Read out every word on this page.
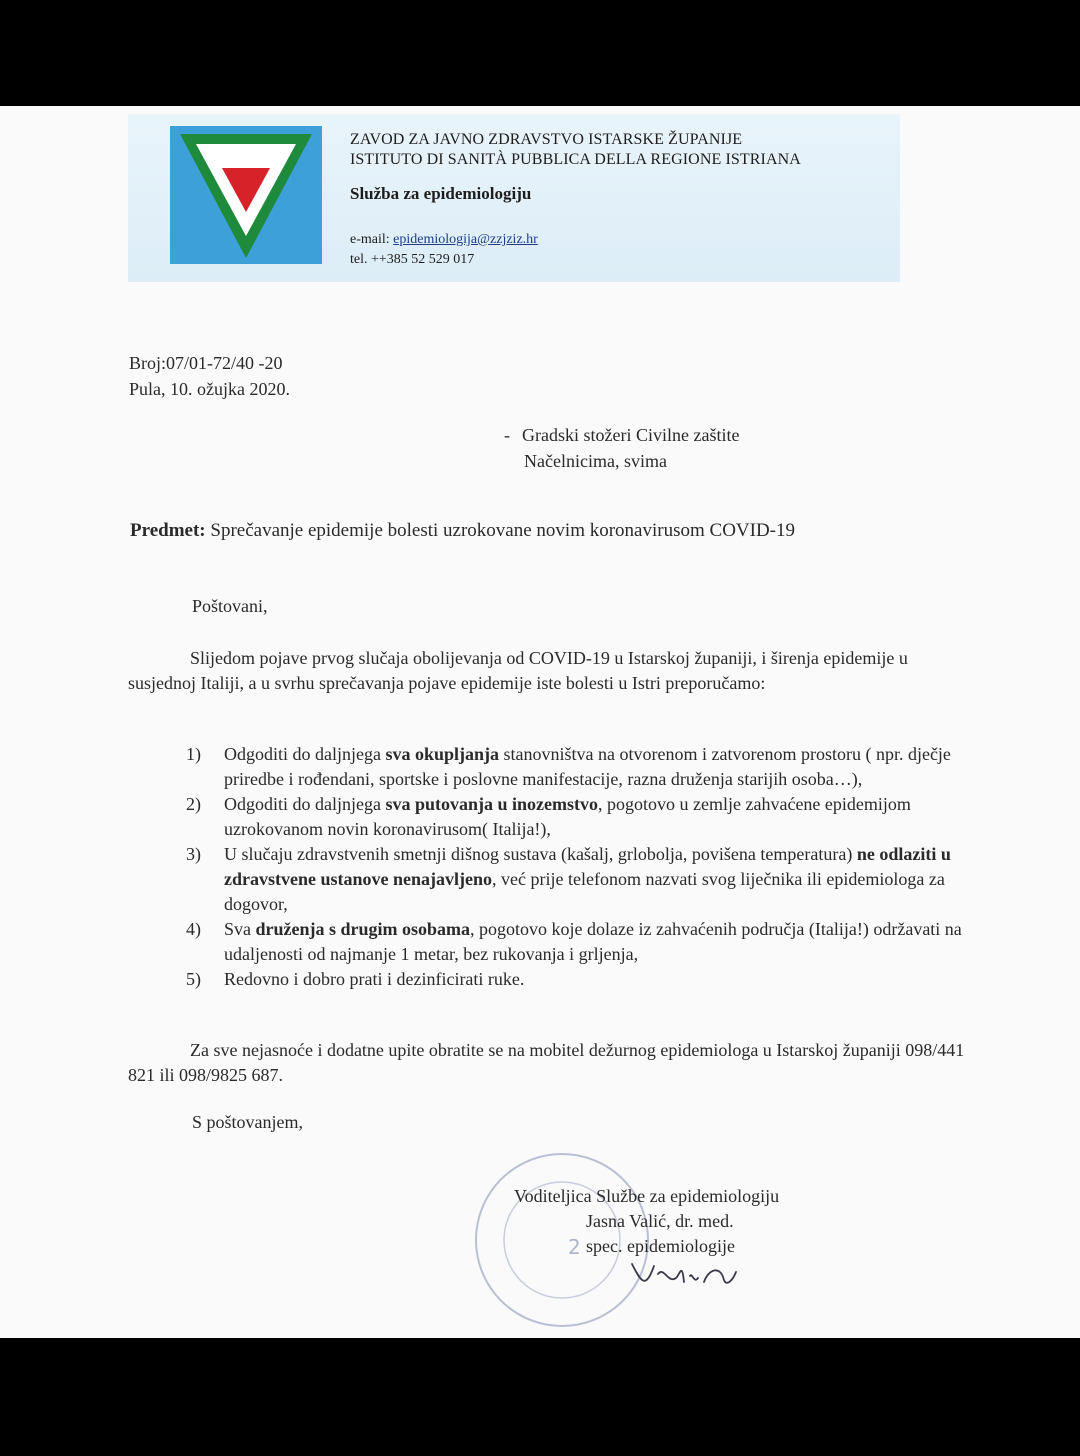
ZAVOD ZA JAVNO ZDRAVSTVO ISTARSKE ŽUPANIJE
ISTITUTO DI SANITÀ PUBBLICA DELLA REGIONE ISTRIANA
Služba za epidemiologiju
e-mail: epidemiologija@zzjziz.hr
tel. ++385 52 529 017
Broj:07/01-72/40 -20
Pula, 10. ožujka 2020.
- Gradski stožeri Civilne zaštite
Načelnicima, svima
Predmet: Sprečavanje epidemije bolesti uzrokovane novim koronavirusom COVID-19
Poštovani,
Slijedom pojave prvog slučaja obolijevanja od COVID-19 u Istarskoj županiji, i širenja epidemije u susjednoj Italiji, a u svrhu sprečavanja pojave epidemije iste bolesti u Istri preporučamo:
1)	Odgoditi do daljnjega sva okupljanja stanovništva na otvorenom i zatvorenom prostoru ( npr. dječje priredbe i rođendani, sportske i poslovne manifestacije, razna druženja starijih osoba…),
2)	Odgoditi do daljnjega sva putovanja u inozemstvo, pogotovo u zemlje zahvaćene epidemijom uzrokovanom novin koronavirusom( Italija!),
3)	U slučaju zdravstvenih smetnji dišnog sustava (kašalj, grlobolja, povišena temperatura) ne odlaziti u zdravstvene ustanove nenajavljeno, već prije telefonom nazvati svog liječnika ili epidemiologa za dogovor,
4)	Sva druženja s drugim osobama, pogotovo koje dolaze iz zahvaćenih područja (Italija!) održavati na udaljenosti od najmanje 1 metar, bez rukovanja i grljenja,
5)	Redovno i dobro prati i dezinficirati ruke.
Za sve nejasnoće i dodatne upite obratite se na mobitel dežurnog epidemiologa u Istarskoj županiji 098/441 821 ili 098/9825 687.
S poštovanjem,
2
Voditeljica Službe za epidemiologiju
Jasna Valić, dr. med.
spec. epidemiologije
